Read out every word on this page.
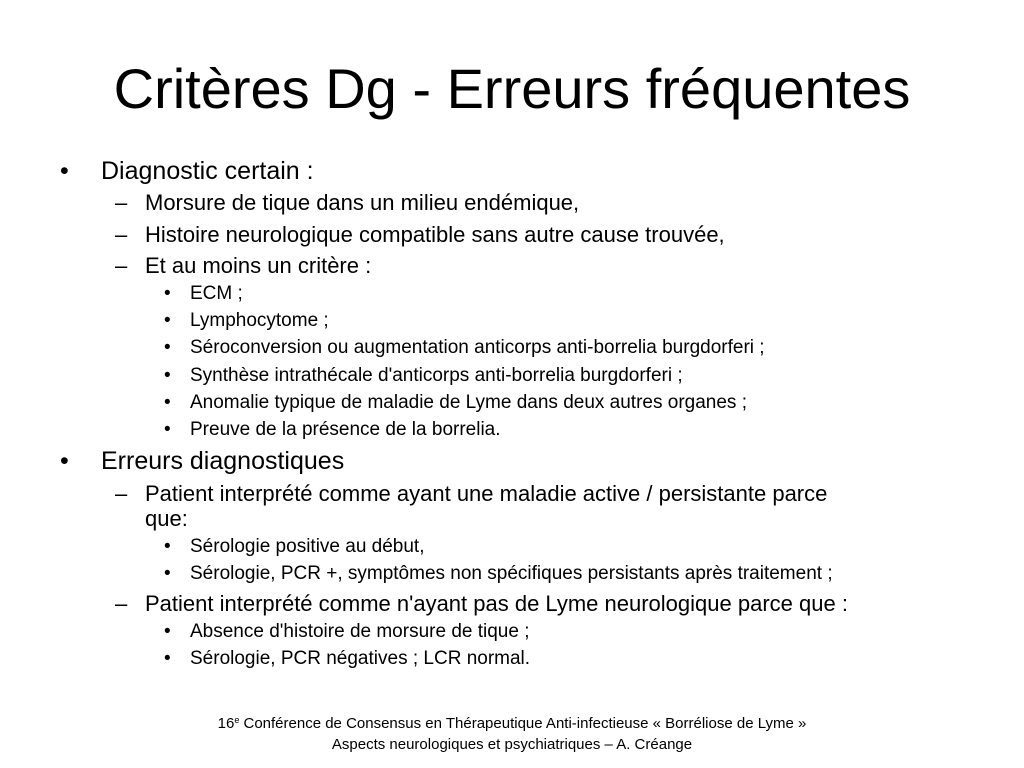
Critères Dg - Erreurs fréquentes
• Diagnostic certain :
– Morsure de tique dans un milieu endémique,
– Histoire neurologique compatible sans autre cause trouvée,
– Et au moins un critère :
• ECM ;
• Lymphocytome ;
• Séroconversion ou augmentation anticorps anti-borrelia burgdorferi ;
• Synthèse intrathécale d'anticorps anti-borrelia burgdorferi ;
• Anomalie typique de maladie de Lyme dans deux autres organes ;
• Preuve de la présence de la borrelia.
• Erreurs diagnostiques
– Patient interprété comme ayant une maladie active / persistante parce
que:
• Sérologie positive au début,
• Sérologie, PCR +, symptômes non spécifiques persistants après traitement ;
– Patient interprété comme n'ayant pas de Lyme neurologique parce que :
• Absence d'histoire de morsure de tique ;
• Sérologie, PCR négatives ; LCR normal.
16e Conférence de Consensus en Thérapeutique Anti-infectieuse « Borréliose de Lyme »
Aspects neurologiques et psychiatriques – A. Créange
